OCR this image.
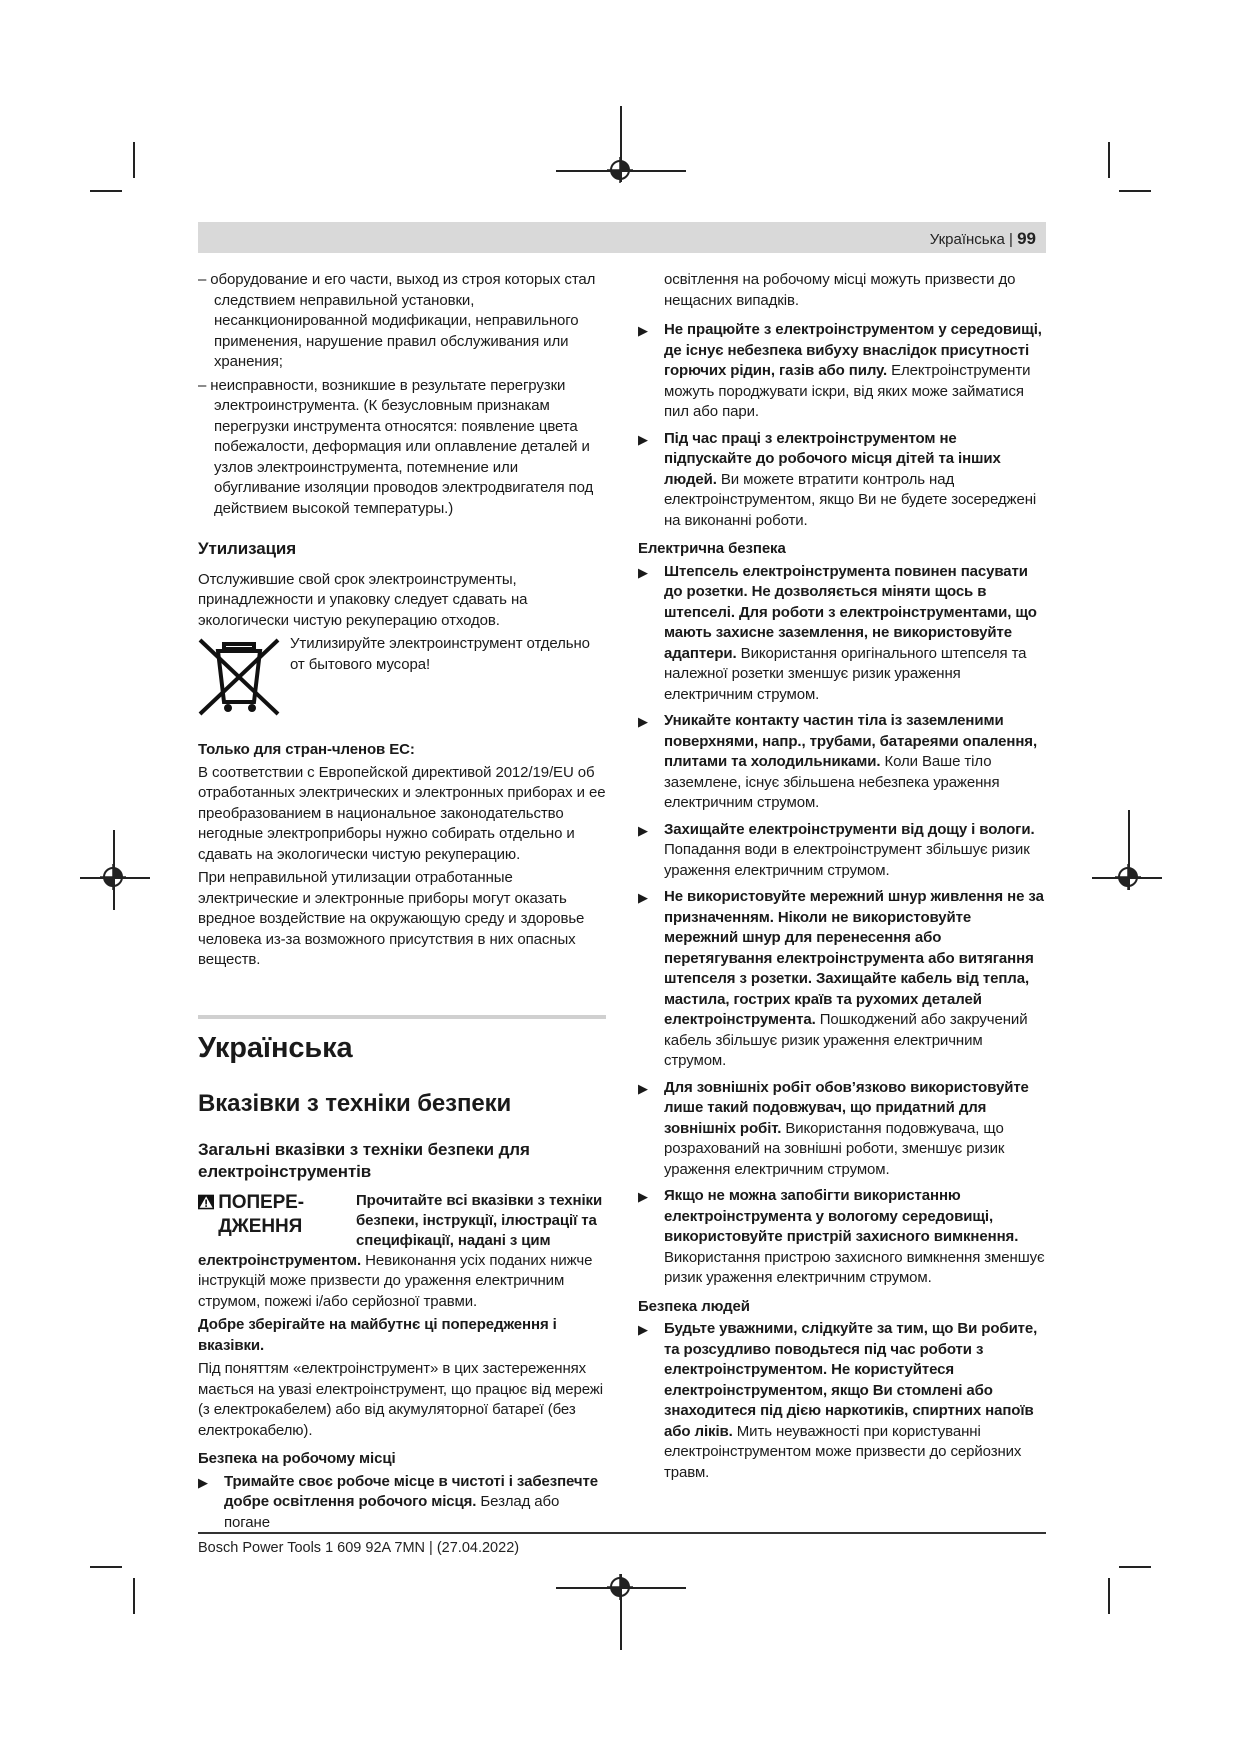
Українська | 99

– оборудование и его части, выход из строя которых стал следствием неправильной установки, несанкционированной модификации, неправильного применения, нарушение правил обслуживания или хранения;

– неисправности, возникшие в результате перегрузки электроинструмента. (К безусловным признакам перегрузки инструмента относятся: появление цвета побежалости, деформация или оплавление деталей и узлов электроинструмента, потемнение или обугливание изоляции проводов электродвигателя под действием высокой температуры.)

Утилизация

Отслужившие свой срок электроинструменты, принадлежности и упаковку следует сдавать на экологически чистую рекуперацию отходов.

Утилизируйте электроинструмент отдельно от бытового мусора!
Только для стран-членов ЕС:

В соответствии с Европейской директивой 2012/19/EU об отработанных электрических и электронных приборах и ее преобразованием в национальное законодательство негодные электроприборы нужно собирать отдельно и сдавать на экологически чистую рекуперацию.

При неправильной утилизации отработанные электрические и электронные приборы могут оказать вредное воздействие на окружающую среду и здоровье человека из-за возможного присутствия в них опасных веществ.

Українська
Вказівки з техніки безпеки
Загальні вказівки з техніки безпеки для електроінструментів
ПОПЕРЕ-ДЖЕННЯ
Прочитайте всі вказівки з техніки безпеки, інструкції, ілюстрації та специфікації, надані з цим

електроінструментом. Невиконання усіх поданих нижче інструкцій може призвести до ураження електричним струмом, пожежі і/або серйозної травми.

Добре зберігайте на майбутнє ці попередження і вказівки.

Під поняттям «електроінструмент» в цих застереженнях мається на увазі електроінструмент, що працює від мережі (з електрокабелем) або від акумуляторної батареї (без електрокабелю).

Безпека на робочому місці
▶ Тримайте своє робоче місце в чистоті і забезпечте добре освітлення робочого місця. Безлад або погане

освітлення на робочому місці можуть призвести до нещасних випадків.

▶ Не працюйте з електроінструментом у середовищі, де існує небезпека вибуху внаслідок присутності горючих рідин, газів або пилу. Електроінструменти можуть породжувати іскри, від яких може займатися пил або пари.
▶ Під час праці з електроінструментом не підпускайте до робочого місця дітей та інших людей. Ви можете втратити контроль над електроінструментом, якщо Ви не будете зосереджені на виконанні роботи.
Електрична безпека
▶ Штепсель електроінструмента повинен пасувати до розетки. Не дозволяється міняти щось в штепселі. Для роботи з електроінструментами, що мають захисне заземлення, не використовуйте адаптери. Використання оригінального штепселя та належної розетки зменшує ризик ураження електричним струмом.
▶ Уникайте контакту частин тіла із заземленими поверхнями, напр., трубами, батареями опалення, плитами та холодильниками. Коли Ваше тіло заземлене, існує збільшена небезпека ураження електричним струмом.
▶ Захищайте електроінструменти від дощу і вологи. Попадання води в електроінструмент збільшує ризик ураження електричним струмом.
▶ Не використовуйте мережний шнур живлення не за призначенням. Ніколи не використовуйте мережний шнур для перенесення або перетягування електроінструмента або витягання штепселя з розетки. Захищайте кабель від тепла, мастила, гострих країв та рухомих деталей електроінструмента. Пошкоджений або закручений кабель збільшує ризик ураження електричним струмом.
▶ Для зовнішніх робіт обов’язково використовуйте лише такий подовжувач, що придатний для зовнішніх робіт. Використання подовжувача, що розрахований на зовнішні роботи, зменшує ризик ураження електричним струмом.
▶ Якщо не можна запобігти використанню електроінструмента у вологому середовищі, використовуйте пристрій захисного вимкнення. Використання пристрою захисного вимкнення зменшує ризик ураження електричним струмом.
Безпека людей
▶ Будьте уважними, слідкуйте за тим, що Ви робите, та розсудливо поводьтеся під час роботи з електроінструментом. Не користуйтеся електроінструментом, якщо Ви стомлені або знаходитеся під дією наркотиків, спиртних напоїв або ліків. Мить неуважності при користуванні електроінструментом може призвести до серйозних травм.
Bosch Power Tools 1 609 92A 7MN | (27.04.2022)
